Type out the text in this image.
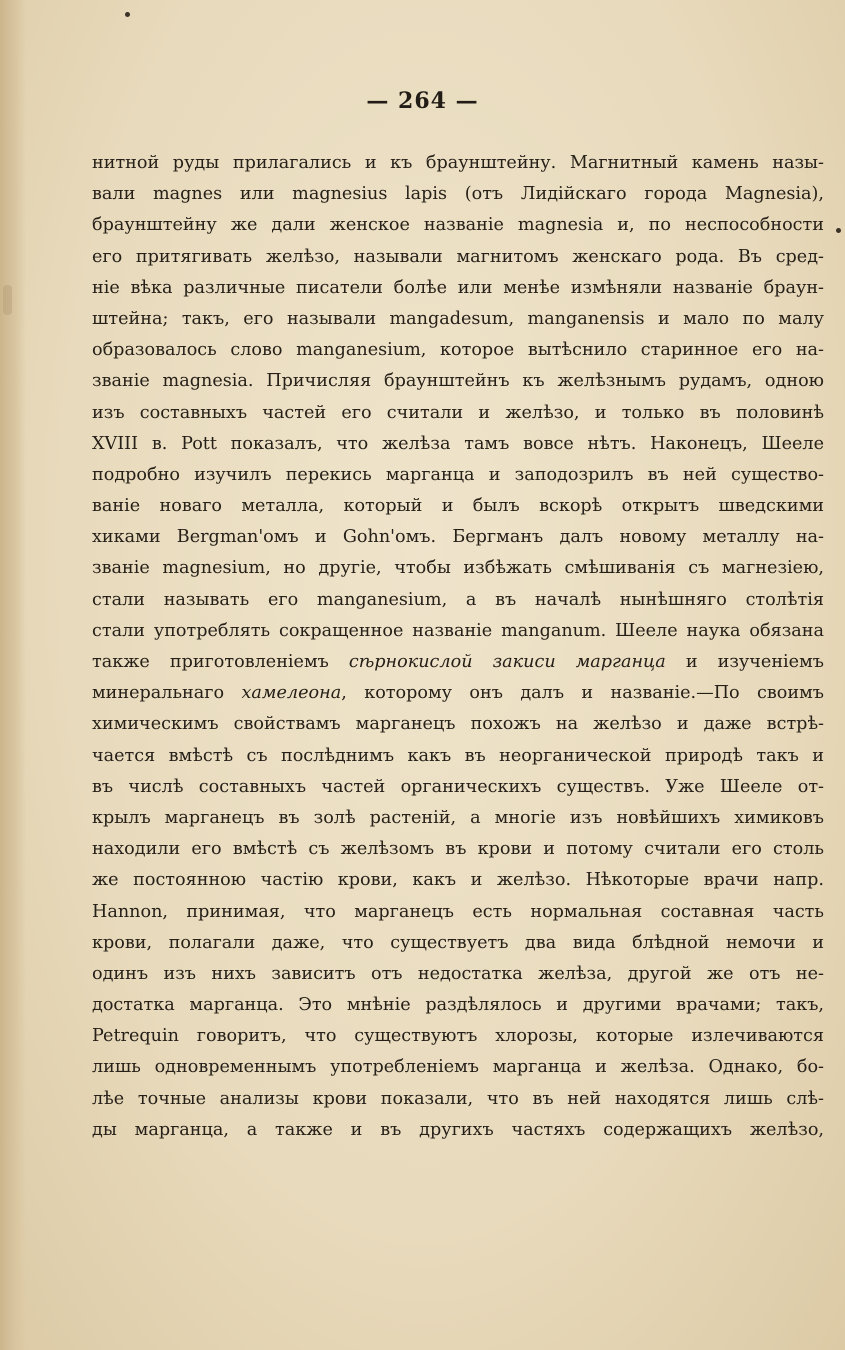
— 264 —
нитной руды прилагались и къ браунштейну. Магнитный камень назы-
вали magnes или magnesius lapis (отъ Лидійскаго города Magnesia),
браунштейну же дали женское названіе magnesia и, по неспособности
его притягивать желѣзо, называли магнитомъ женскаго рода. Въ сред-
ніе вѣка различные писатели болѣе или менѣе измѣняли названіе браун-
штейна; такъ, его называли mangadesum, manganensis и мало по малу
образовалось слово manganesium, которое вытѣснило старинное его на-
званіе magnesia. Причисляя браунштейнъ къ желѣзнымъ рудамъ, одною
изъ составныхъ частей его считали и желѣзо, и только въ половинѣ
XVIII в. Pott показалъ, что желѣза тамъ вовсе нѣтъ. Наконецъ, Шееле
подробно изучилъ перекись марганца и заподозрилъ въ ней существо-
ваніе новаго металла, который и былъ вскорѣ открытъ шведскими
хиками Bergman'омъ и Gohn'омъ. Бергманъ далъ новому металлу на-
званіе magnesium, но другіе, чтобы избѣжать смѣшиванія съ магнезіею,
стали называть его manganesium, а въ началѣ нынѣшняго столѣтія
стали употреблять сокращенное названіе manganum. Шееле наука обязана
также приготовленіемъ сѣрнокислой закиси марганца и изученіемъ
минеральнаго хамелеона, которому онъ далъ и названіе.—По своимъ
химическимъ свойствамъ марганецъ похожъ на желѣзо и даже встрѣ-
чается вмѣстѣ съ послѣднимъ какъ въ неорганической природѣ такъ и
въ числѣ составныхъ частей органическихъ существъ. Уже Шееле от-
крылъ марганецъ въ золѣ растеній, а многіе изъ новѣйшихъ химиковъ
находили его вмѣстѣ съ желѣзомъ въ крови и потому считали его столь
же постоянною частію крови, какъ и желѣзо. Нѣкоторые врачи напр.
Hannon, принимая, что марганецъ есть нормальная составная часть
крови, полагали даже, что существуетъ два вида блѣдной немочи и
одинъ изъ нихъ зависитъ отъ недостатка желѣза, другой же отъ не-
достатка марганца. Это мнѣніе раздѣлялось и другими врачами; такъ,
Petrequin говоритъ, что существуютъ хлорозы, которые излечиваются
лишь одновременнымъ употребленіемъ марганца и желѣза. Однако, бо-
лѣе точные анализы крови показали, что въ ней находятся лишь слѣ-
ды марганца, а также и въ другихъ частяхъ содержащихъ желѣзо,
